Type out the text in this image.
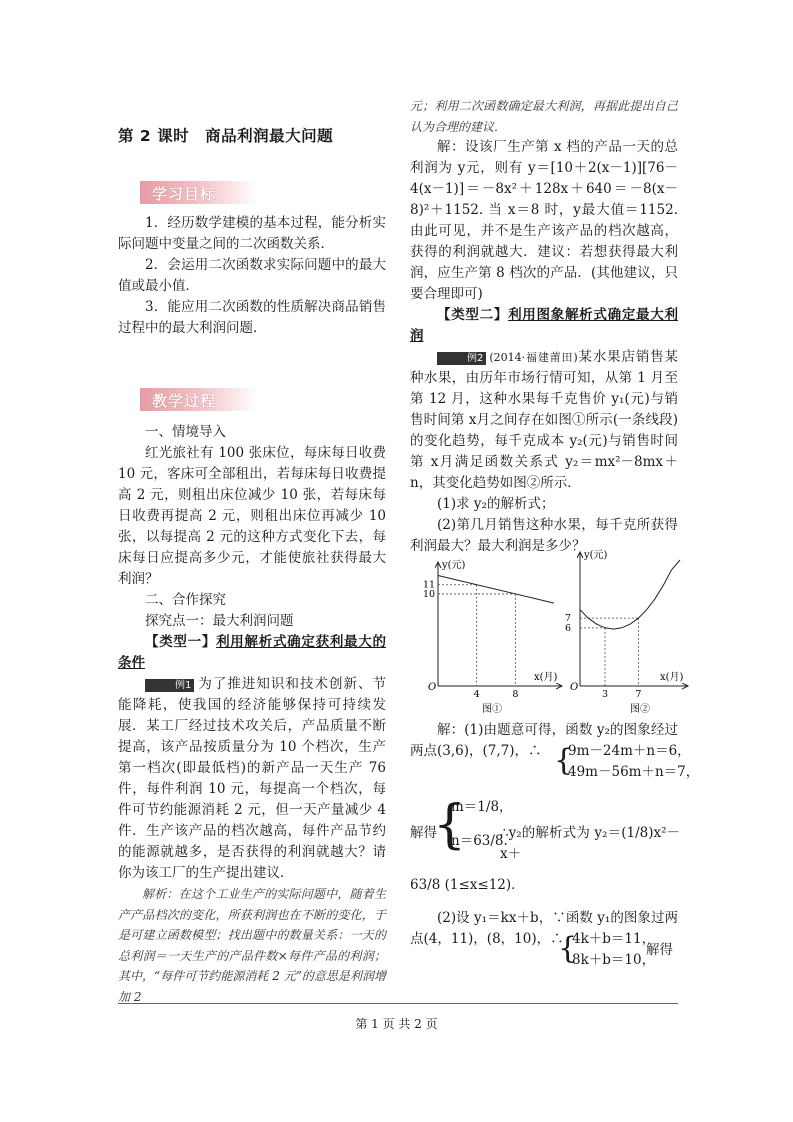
第 2 课时　商品利润最大问题
学习目标

1．经历数学建模的基本过程，能分析实际问题中变量之间的二次函数关系．

2．会运用二次函数求实际问题中的最大值或最小值．

3．能应用二次函数的性质解决商品销售过程中的最大利润问题．

教学过程

一、情境导入

红光旅社有 100 张床位，每床每日收费 10 元，客床可全部租出，若每床每日收费提高 2 元，则租出床位减少 10 张，若每床每日收费再提高 2 元，则租出床位再减少 10 张，以每提高 2 元的这种方式变化下去，每床每日应提高多少元，才能使旅社获得最大利润？

二、合作探究

探究点一：最大利润问题

【类型一】利用解析式确定获利最大的条件

例1 为了推进知识和技术创新、节能降耗，使我国的经济能够保持可持续发展．某工厂经过技术攻关后，产品质量不断提高，该产品按质量分为 10 个档次，生产第一档次(即最低档)的新产品一天生产 76 件，每件利润 10 元，每提高一个档次，每件可节约能源消耗 2 元，但一天产量减少 4 件．生产该产品的档次越高，每件产品节约的能源就越多，是否获得的利润就越大？请你为该工厂的生产提出建议．

解析：在这个工业生产的实际问题中，随着生产产品档次的变化，所获利润也在不断的变化，于是可建立函数模型；找出题中的数量关系：一天的总利润＝一天生产的产品件数×每件产品的利润；其中，“每件可节约能源消耗 2 元”的意思是利润增加 2

元；利用二次函数确定最大利润，再据此提出自己认为合理的建议．

解：设该厂生产第 x 档的产品一天的总利润为 y元，则有 y＝[10＋2(x－1)][76－4(x－1)]＝－8x²＋128x＋640＝－8(x－8)²＋1152. 当 x＝8 时，y最大值＝1152. 由此可见，并不是生产该产品的档次越高，获得的利润就越大．建议：若想获得最大利润，应生产第 8 档次的产品．(其他建议，只要合理即可)

【类型二】利用图象解析式确定最大利润

例2 (2014·福建莆田)某水果店销售某种水果，由历年市场行情可知，从第 1 月至第 12 月，这种水果每千克售价 y₁(元)与销售时间第 x月之间存在如图①所示(一条线段)的变化趋势，每千克成本 y₂(元)与销售时间第 x月满足函数关系式 y₂＝mx²－8mx＋n，其变化趋势如图②所示．

(1)求 y₂的解析式；

(2)第几月销售这种水果，每千克所获得利润最大？最大利润是多少？

y(元)
x(月)
O
4	8
10
11
图①
y(元)
x(月)
O
3	7
6
7
图②

解：(1)由题意可得，函数 y₂的图象经过两点(3,6)，(7,7)，∴ {
9m－24m＋n＝6，
49m－56m＋n＝7，
解得
{
m＝1/8，
n＝63/8.
∴y₂的解析式为 y₂＝(1/8)x²－x＋
63/8 (1≤x≤12)．

(2)设 y₁＝kx＋b，∵函数 y₁的图象过两点(4，11)，(8，10)，∴

{
4k＋b＝11，
8k＋b＝10，
解得
第 1 页 共 2 页
